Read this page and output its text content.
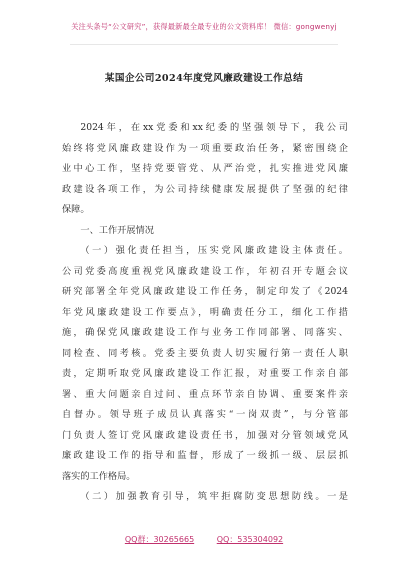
关注头条号“公文研究”，获得最新最全最专业的公文资料库！ 微信：gongwenyj
某国企公司2024年度党风廉政建设工作总结
2024年，在xx党委和xx纪委的坚强领导下，我公司
始终将党风廉政建设作为一项重要政治任务，紧密围绕企
业中心工作，坚持党要管党、从严治党，扎实推进党风廉
政建设各项工作，为公司持续健康发展提供了坚强的纪律
保障。
一、工作开展情况
（一）强化责任担当，压实党风廉政建设主体责任。
公司党委高度重视党风廉政建设工作，年初召开专题会议
研究部署全年党风廉政建设工作任务，制定印发了《2024
年党风廉政建设工作要点》，明确责任分工，细化工作措
施，确保党风廉政建设工作与业务工作同部署、同落实、
同检查、同考核。党委主要负责人切实履行第一责任人职
责，定期听取党风廉政建设工作汇报，对重要工作亲自部
署、重大问题亲自过问、重点环节亲自协调、重要案件亲
自督办。领导班子成员认真落实“一岗双责”，与分管部
门负责人签订党风廉政建设责任书，加强对分管领域党风
廉政建设工作的指导和监督，形成了一级抓一级、层层抓
落实的工作格局。
（二）加强教育引导，筑牢拒腐防变思想防线。一是
QQ群：30265665	QQ：535304092
